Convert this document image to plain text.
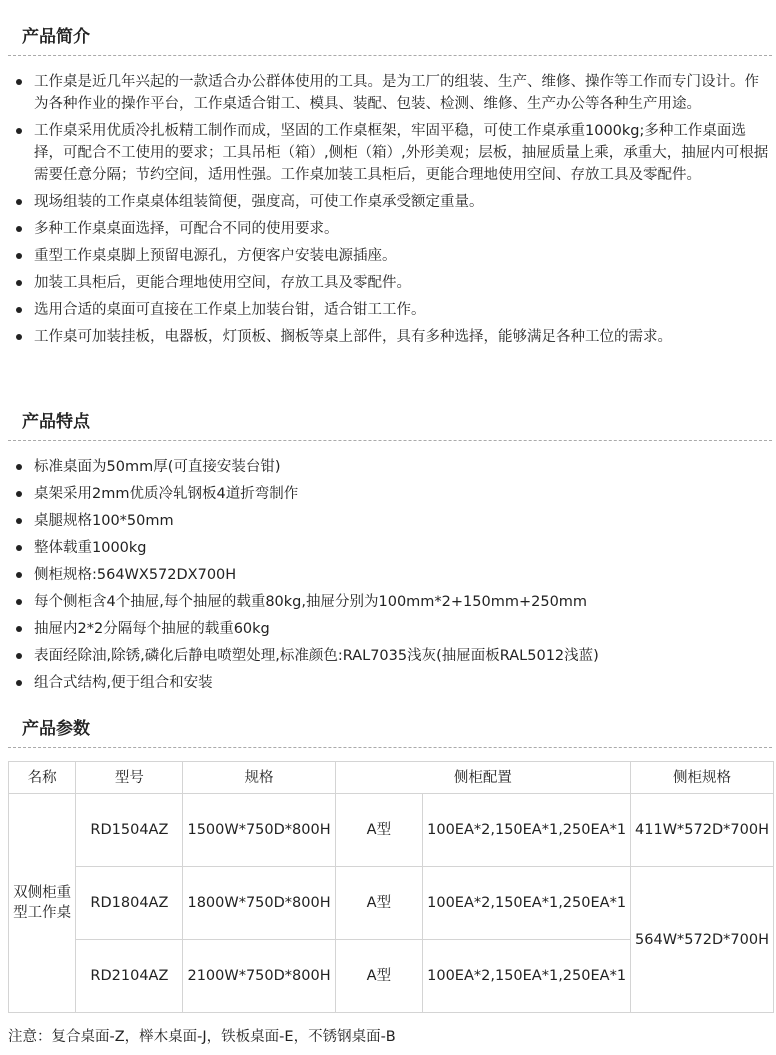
产品简介
工作桌是近几年兴起的一款适合办公群体使用的工具。是为工厂的组装、生产、维修、操作等工作而专门设计。作为各种作业的操作平台，工作桌适合钳工、模具、装配、包装、检测、维修、生产办公等各种生产用途。
工作桌采用优质冷扎板精工制作而成，坚固的工作桌框架，牢固平稳，可使工作桌承重1000kg;多种工作桌面选择，可配合不工使用的要求；工具吊柜（箱）,侧柜（箱）,外形美观；层板，抽屉质量上乘，承重大，抽屉内可根据需要任意分隔；节约空间，适用性强。工作桌加装工具柜后，更能合理地使用空间、存放工具及零配件。
现场组装的工作桌桌体组装简便，强度高，可使工作桌承受额定重量。
多种工作桌桌面选择，可配合不同的使用要求。
重型工作桌桌脚上预留电源孔，方便客户安装电源插座。
加装工具柜后，更能合理地使用空间，存放工具及零配件。
选用合适的桌面可直接在工作桌上加装台钳，适合钳工工作。
工作桌可加装挂板，电器板，灯顶板、搁板等桌上部件，具有多种选择，能够满足各种工位的需求。
产品特点
标准桌面为50mm厚(可直接安装台钳)
桌架采用2mm优质冷轧钢板4道折弯制作
桌腿规格100*50mm
整体载重1000kg
侧柜规格:564WX572DX700H
每个侧柜含4个抽屉,每个抽屉的载重80kg,抽屉分别为100mm*2+150mm+250mm
抽屉内2*2分隔每个抽屉的载重60kg
表面经除油,除锈,磷化后静电喷塑处理,标准颜色:RAL7035浅灰(抽屉面板RAL5012浅蓝)
组合式结构,便于组合和安装
产品参数
名称	型号	规格	侧柜配置		侧柜规格
双侧柜重型工作桌	RD1504AZ	1500W*750D*800H	A型	100EA*2,150EA*1,250EA*1	411W*572D*700H
	RD1804AZ	1800W*750D*800H	A型	100EA*2,150EA*1,250EA*1	564W*572D*700H
	RD2104AZ	2100W*750D*800H	A型	100EA*2,150EA*1,250EA*1	
注意：复合桌面-Z，榉木桌面-J，铁板桌面-E，不锈钢桌面-B
